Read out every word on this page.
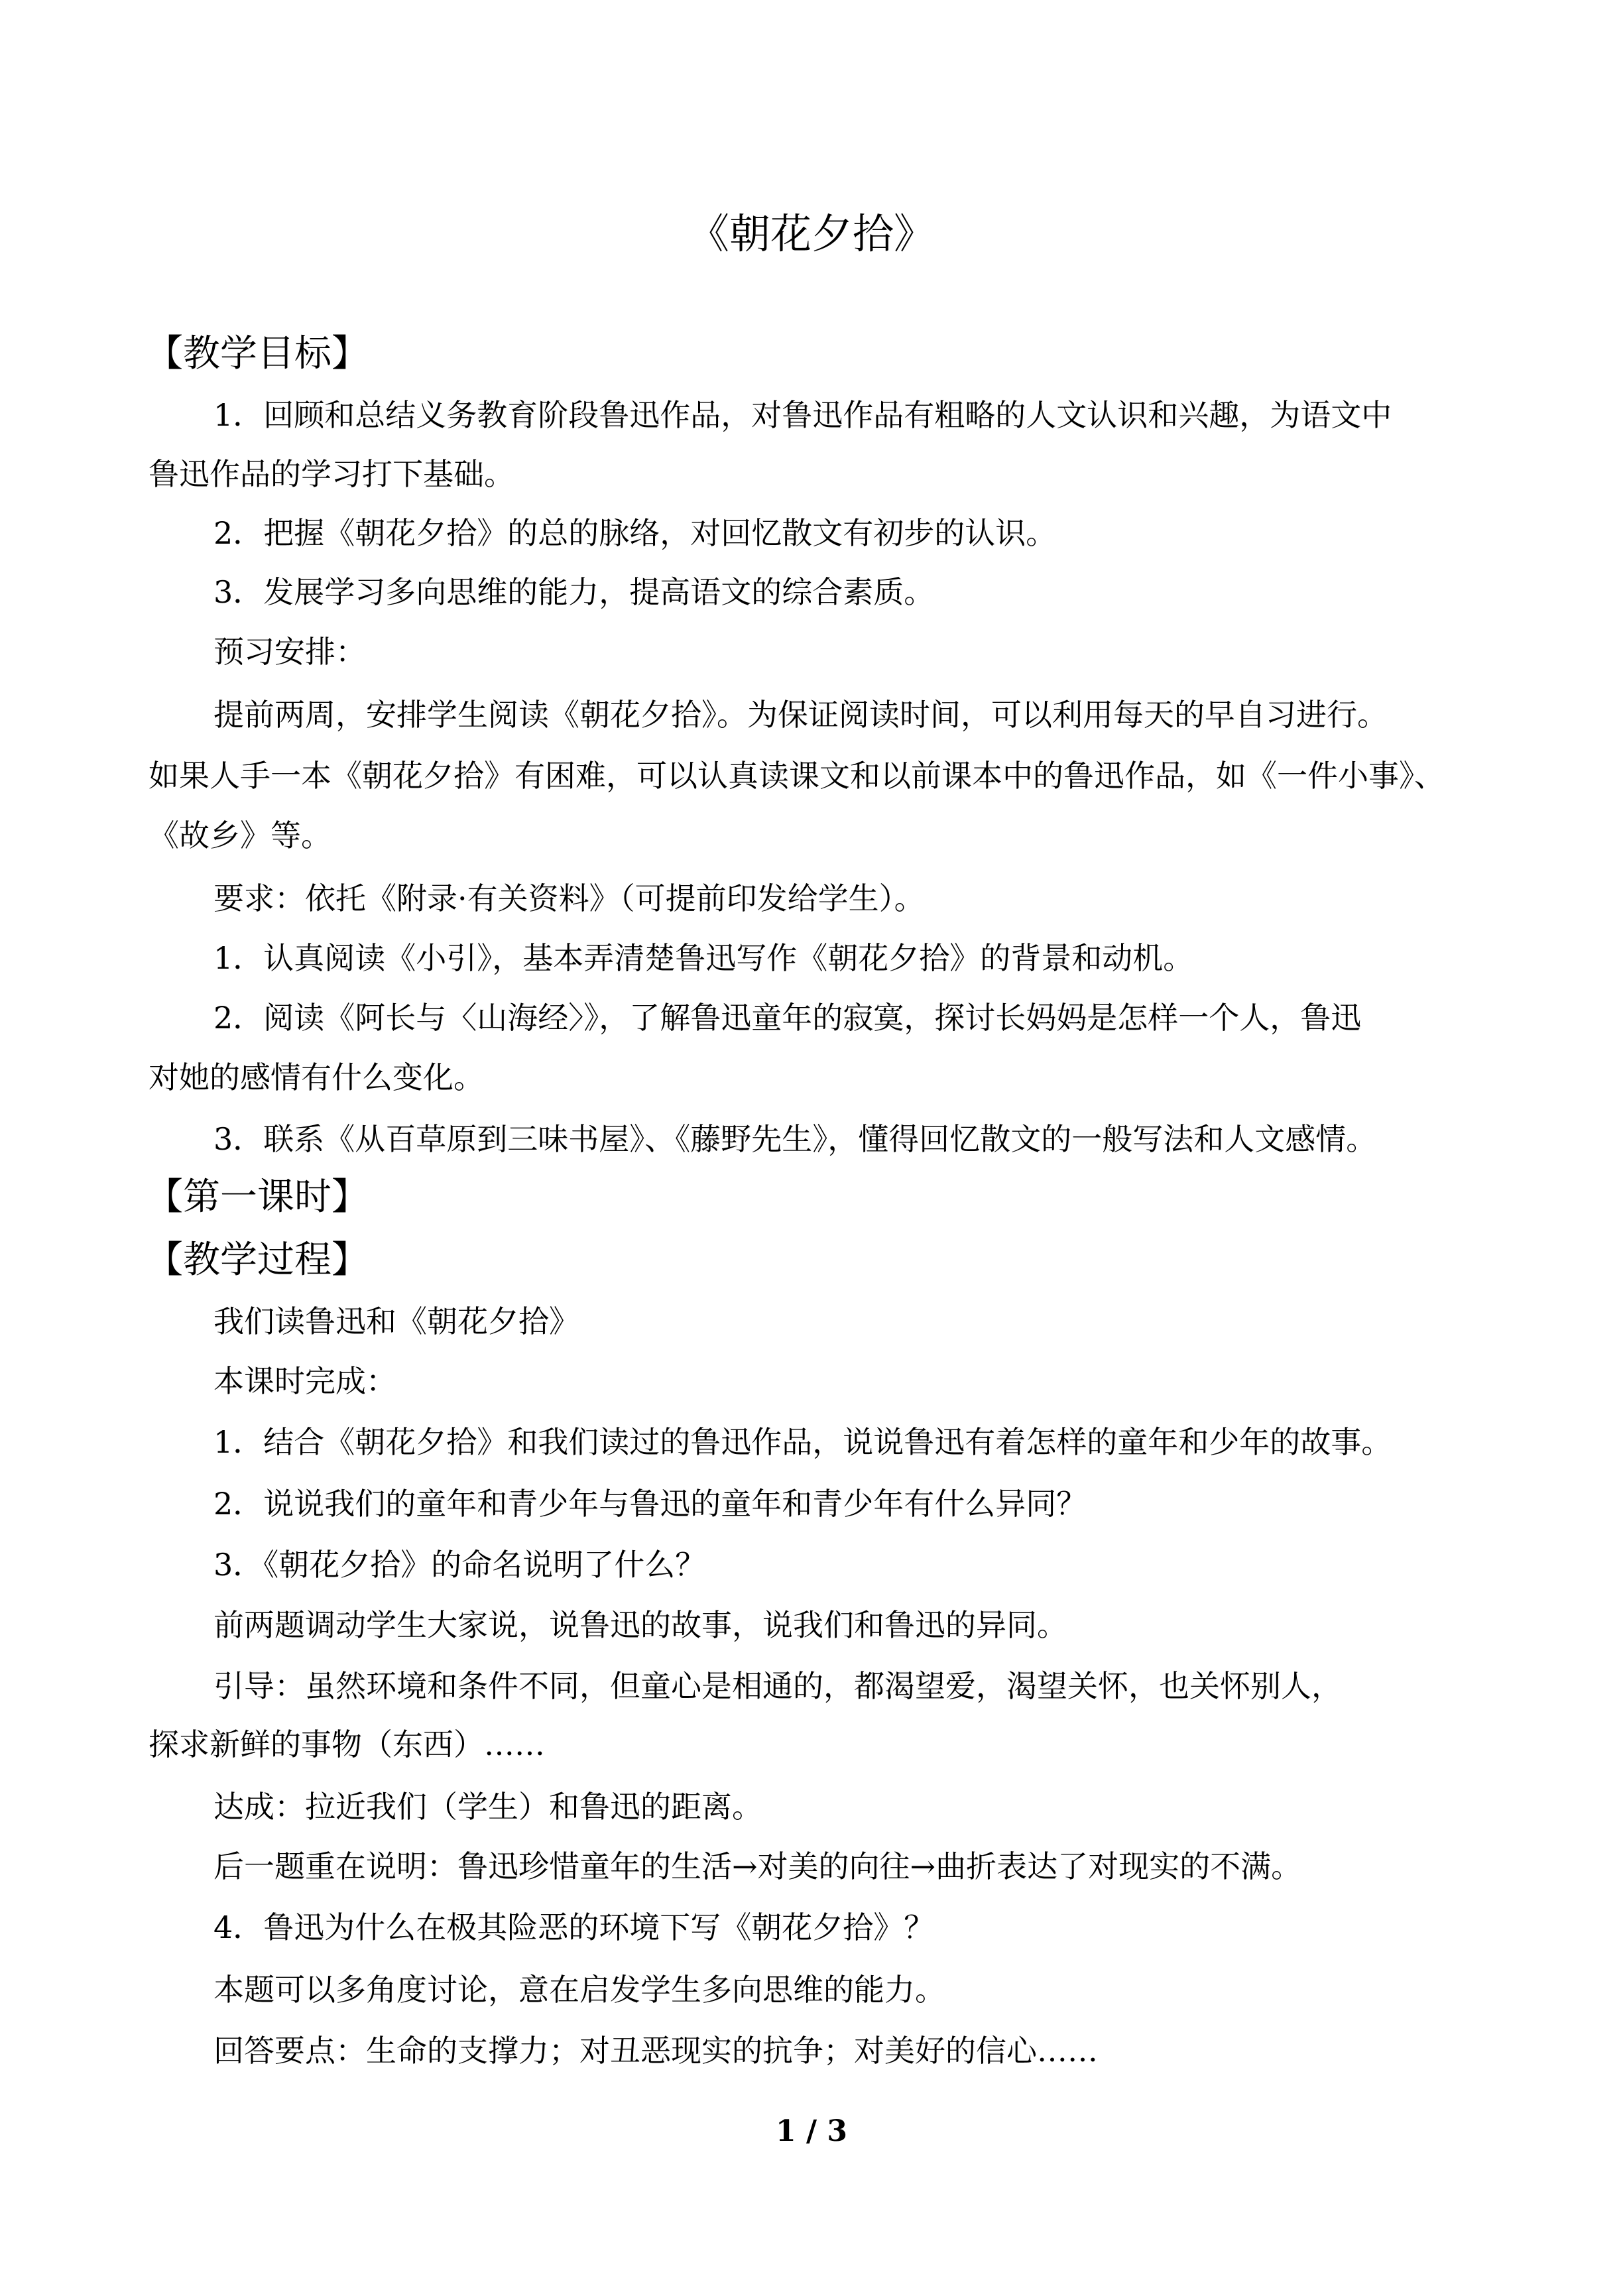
《朝花夕拾》
【教学目标】
1．回顾和总结义务教育阶段鲁迅作品，对鲁迅作品有粗略的人文认识和兴趣，为语文中
鲁迅作品的学习打下基础。
2．把握《朝花夕拾》的总的脉络，对回忆散文有初步的认识。
3．发展学习多向思维的能力，提高语文的综合素质。
预习安排：
提前两周，安排学生阅读《朝花夕拾》。为保证阅读时间，可以利用每天的早自习进行。
如果人手一本《朝花夕拾》有困难，可以认真读课文和以前课本中的鲁迅作品，如《一件小事》、
《故乡》等。
要求：依托《附录·有关资料》（可提前印发给学生）。
1．认真阅读《小引》，基本弄清楚鲁迅写作《朝花夕拾》的背景和动机。
2．阅读《阿长与〈山海经〉》，了解鲁迅童年的寂寞，探讨长妈妈是怎样一个人，鲁迅
对她的感情有什么变化。
3．联系《从百草原到三味书屋》、《藤野先生》，懂得回忆散文的一般写法和人文感情。
【第一课时】
【教学过程】
我们读鲁迅和《朝花夕拾》
本课时完成：
1．结合《朝花夕拾》和我们读过的鲁迅作品，说说鲁迅有着怎样的童年和少年的故事。
2．说说我们的童年和青少年与鲁迅的童年和青少年有什么异同？
3．《朝花夕拾》的命名说明了什么？
前两题调动学生大家说，说鲁迅的故事，说我们和鲁迅的异同。
引导：虽然环境和条件不同，但童心是相通的，都渴望爱，渴望关怀，也关怀别人，
探求新鲜的事物（东西）……
达成：拉近我们（学生）和鲁迅的距离。
后一题重在说明：鲁迅珍惜童年的生活→对美的向往→曲折表达了对现实的不满。
4．鲁迅为什么在极其险恶的环境下写《朝花夕拾》？
本题可以多角度讨论，意在启发学生多向思维的能力。
回答要点：生命的支撑力；对丑恶现实的抗争；对美好的信心……
1 / 3
